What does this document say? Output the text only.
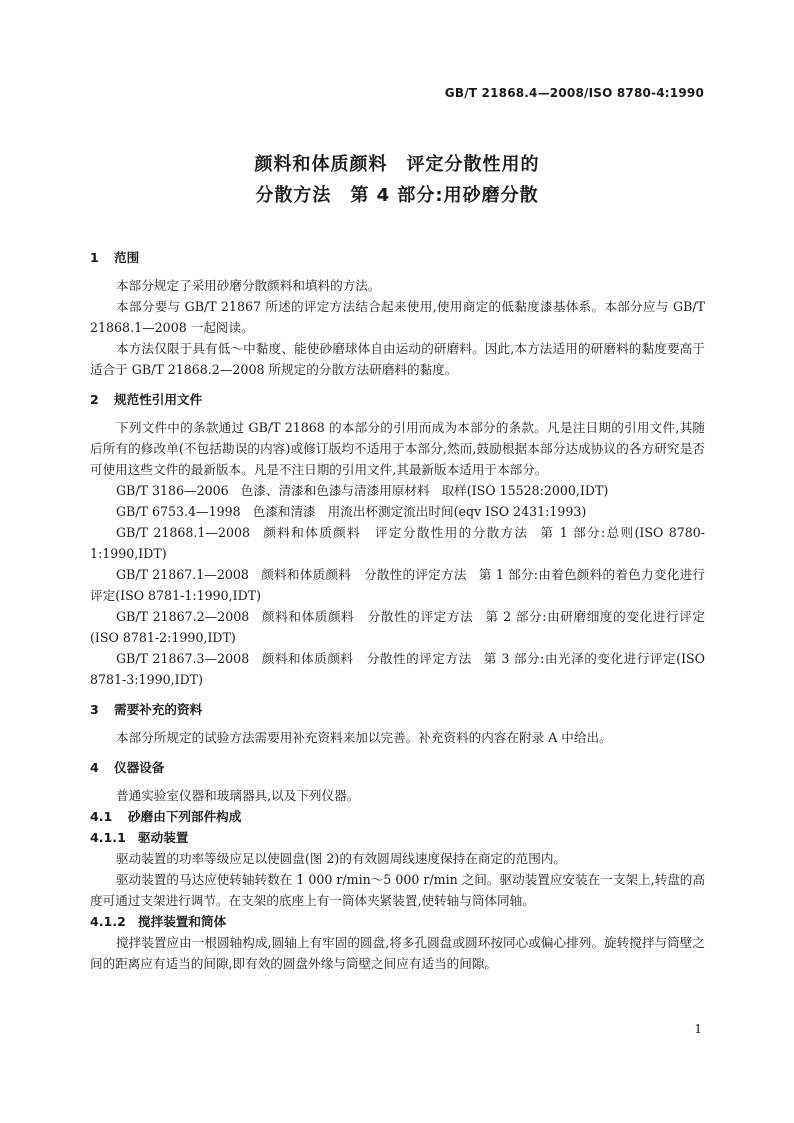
GB/T 21868.4—2008/ISO 8780-4:1990
颜料和体质颜料　评定分散性用的
分散方法　第 4 部分:用砂磨分散
1 范围

本部分规定了采用砂磨分散颜料和填料的方法。

本部分要与 GB/T 21867 所述的评定方法结合起来使用,使用商定的低黏度漆基体系。本部分应与 GB/T 21868.1—2008 一起阅读。

本方法仅限于具有低～中黏度、能使砂磨球体自由运动的研磨料。因此,本方法适用的研磨料的黏度要高于适合于 GB/T 21868.2—2008 所规定的分散方法研磨料的黏度。

2 规范性引用文件

下列文件中的条款通过 GB/T 21868 的本部分的引用而成为本部分的条款。凡是注日期的引用文件,其随后所有的修改单(不包括勘误的内容)或修订版均不适用于本部分,然而,鼓励根据本部分达成协议的各方研究是否可使用这些文件的最新版本。凡是不注日期的引用文件,其最新版本适用于本部分。

GB/T 3186—2006 色漆、清漆和色漆与清漆用原材料 取样(ISO 15528:2000,IDT)

GB/T 6753.4—1998 色漆和清漆 用流出杯测定流出时间(eqv ISO 2431:1993)

GB/T 21868.1—2008 颜料和体质颜料　评定分散性用的分散方法 第 1 部分:总则(ISO 8780-1:1990,IDT)

GB/T 21867.1—2008 颜料和体质颜料　分散性的评定方法 第 1 部分:由着色颜料的着色力变化进行评定(ISO 8781-1:1990,IDT)

GB/T 21867.2—2008 颜料和体质颜料　分散性的评定方法 第 2 部分:由研磨细度的变化进行评定(ISO 8781-2:1990,IDT)

GB/T 21867.3—2008 颜料和体质颜料　分散性的评定方法 第 3 部分:由光泽的变化进行评定(ISO 8781-3:1990,IDT)

3 需要补充的资料

本部分所规定的试验方法需要用补充资料来加以完善。补充资料的内容在附录 A 中给出。

4 仪器设备

普通实验室仪器和玻璃器具,以及下列仪器。

4.1 砂磨由下列部件构成
4.1.1 驱动装置

驱动装置的功率等级应足以使圆盘(图 2)的有效圆周线速度保持在商定的范围内。

驱动装置的马达应使转轴转数在 1 000 r/min～5 000 r/min 之间。驱动装置应安装在一支架上,转盘的高度可通过支架进行调节。在支架的底座上有一筒体夹紧装置,使转轴与筒体同轴。

4.1.2 搅拌装置和筒体

搅拌装置应由一根圆轴构成,圆轴上有牢固的圆盘,将多孔圆盘或圆环按同心或偏心排列。旋转搅拌与筒壁之间的距离应有适当的间隙,即有效的圆盘外缘与筒壁之间应有适当的间隙。

1
